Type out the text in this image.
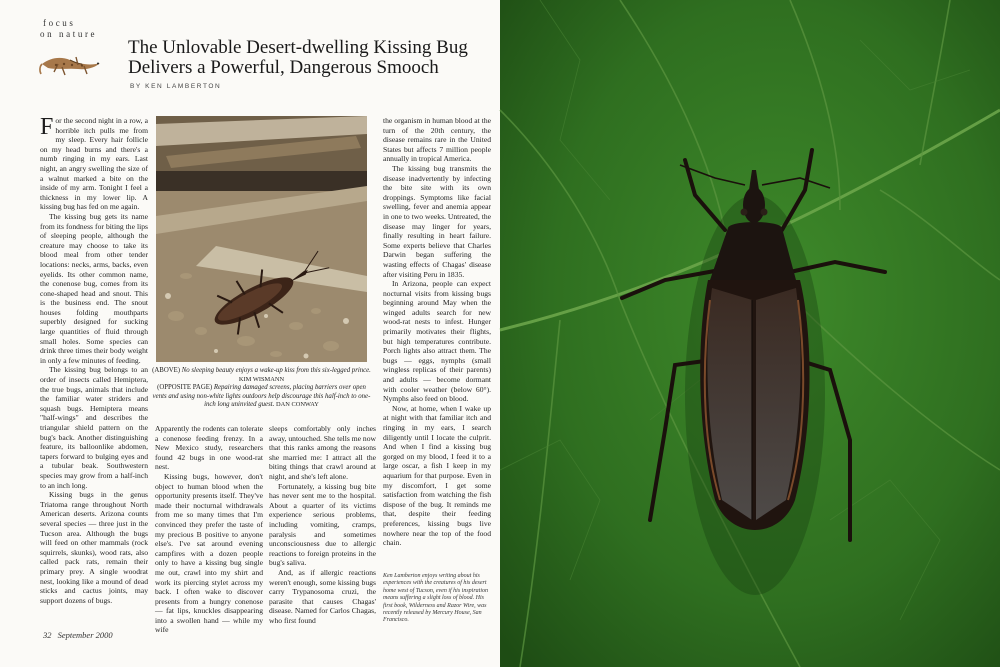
focus
on nature
The Unlovable Desert-dwelling Kissing Bug
Delivers a Powerful, Dangerous Smooch
BY KEN LAMBERTON
For the second night in a row, a horrible itch pulls me from my sleep. Every hair follicle on my head burns and there's a numb ringing in my ears. Last night, an angry swelling the size of a walnut marked a bite on the inside of my arm. Tonight I feel a thickness in my lower lip. A kissing bug has fed on me again.
The kissing bug gets its name from its fondness for biting the lips of sleeping people, although the creature may choose to take its blood meal from other tender locations: necks, arms, backs, even eyelids. Its other common name, the conenose bug, comes from its cone-shaped head and snout. This is the business end. The snout houses folding mouthparts superbly designed for sucking large quantities of fluid through small holes. Some species can drink three times their body weight in only a few minutes of feeding.
The kissing bug belongs to an order of insects called Hemiptera, the true bugs, animals that include the familiar water striders and squash bugs. Hemiptera means "half-wings" and describes the triangular shield pattern on the bug's back. Another distinguishing feature, its balloonlike abdomen, tapers forward to bulging eyes and a tubular beak. Southwestern species may grow from a half-inch to an inch long.
Kissing bugs in the genus Triatoma range throughout North American deserts. Arizona counts several species — three just in the Tucson area. Although the bugs will feed on other mammals (rock squirrels, skunks), wood rats, also called pack rats, remain their primary prey. A single woodrat nest, looking like a mound of dead sticks and cactus joints, may support dozens of bugs.
(ABOVE) No sleeping beauty enjoys a wake-up kiss from this six-legged prince. KIM WISMANN
(OPPOSITE PAGE) Repairing damaged screens, placing barriers over open vents and using non-white lights outdoors help discourage this half-inch to one-inch long uninvited guest. DAN CONWAY
Apparently the rodents can tolerate a conenose feeding frenzy. In a New Mexico study, researchers found 42 bugs in one wood-rat nest.
Kissing bugs, however, don't object to human blood when the opportunity presents itself. They've made their nocturnal withdrawals from me so many times that I'm convinced they prefer the taste of my precious B positive to anyone else's. I've sat around evening campfires with a dozen people only to have a kissing bug single me out, crawl into my shirt and work its piercing stylet across my back. I often wake to discover presents from a hungry conenose — fat lips, knuckles disappearing into a swollen hand — while my wife
sleeps comfortably only inches away, untouched. She tells me now that this ranks among the reasons she married me: I attract all the biting things that crawl around at night, and she's left alone.
Fortunately, a kissing bug bite has never sent me to the hospital. About a quarter of its victims experience serious problems, including vomiting, cramps, paralysis and sometimes unconsciousness due to allergic reactions to foreign proteins in the bug's saliva.
And, as if allergic reactions weren't enough, some kissing bugs carry Trypanosoma cruzi, the parasite that causes Chagas' disease. Named for Carlos Chagas, who first found
the organism in human blood at the turn of the 20th century, the disease remains rare in the United States but affects 7 million people annually in tropical America.
The kissing bug transmits the disease inadvertently by infecting the bite site with its own droppings. Symptoms like facial swelling, fever and anemia appear in one to two weeks. Untreated, the disease may linger for years, finally resulting in heart failure. Some experts believe that Charles Darwin began suffering the wasting effects of Chagas' disease after visiting Peru in 1835.
In Arizona, people can expect nocturnal visits from kissing bugs beginning around May when the winged adults search for new wood-rat nests to infest. Hunger primarily motivates their flights, but high temperatures contribute. Porch lights also attract them. The bugs — eggs, nymphs (small wingless replicas of their parents) and adults — become dormant with cooler weather (below 60°). Nymphs also feed on blood.
Now, at home, when I wake up at night with that familiar itch and ringing in my ears, I search diligently until I locate the culprit. And when I find a kissing bug gorged on my blood, I feed it to a large oscar, a fish I keep in my aquarium for that purpose. Even in my discomfort, I get some satisfaction from watching the fish dispose of the bug. It reminds me that, despite their feeding preferences, kissing bugs live nowhere near the top of the food chain.
Ken Lamberton enjoys writing about his experiences with the creatures of his desert home west of Tucson, even if his inspiration means suffering a slight loss of blood. His first book, Wilderness and Razor Wire, was recently released by Mercury House, San Francisco.
32 September 2000
